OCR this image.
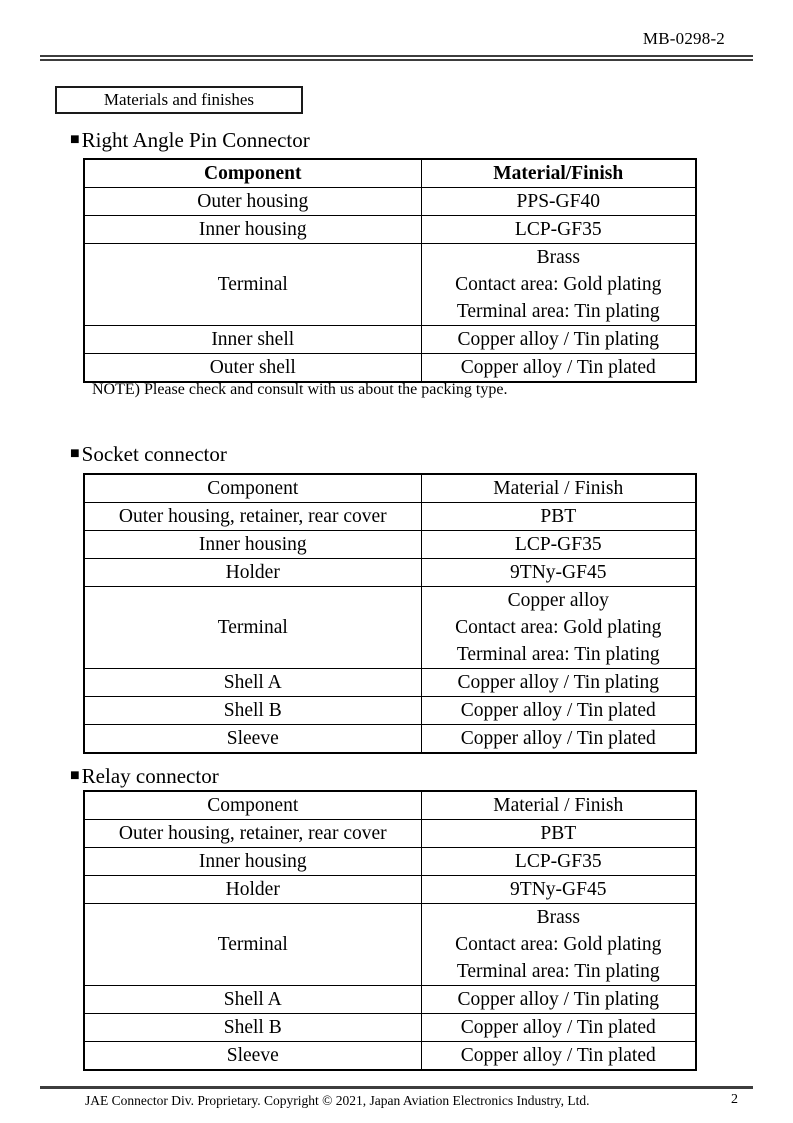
MB-0298-2
Materials and finishes
■ Right Angle Pin Connector
Component	Material/Finish
Outer housing	PPS-GF40

Inner housing	LCP-GF35

Terminal	Brass
Contact area: Gold plating
Terminal area: Tin plating

Inner shell	Copper alloy / Tin plating

Outer shell	Copper alloy / Tin plated
NOTE) Please check and consult with us about the packing type.
■ Socket connector
Component	Material / Finish
Outer housing, retainer, rear cover	PBT

Inner housing	LCP-GF35

Holder	9TNy-GF45

Terminal	Copper alloy
Contact area: Gold plating
Terminal area: Tin plating

Shell A	Copper alloy / Tin plating

Shell B	Copper alloy / Tin plated

Sleeve	Copper alloy / Tin plated
■ Relay connector
Component	Material / Finish
Outer housing, retainer, rear cover	PBT

Inner housing	LCP-GF35

Holder	9TNy-GF45

Terminal	Brass
Contact area: Gold plating
Terminal area: Tin plating

Shell A	Copper alloy / Tin plating

Shell B	Copper alloy / Tin plated

Sleeve	Copper alloy / Tin plated
JAE Connector Div. Proprietary. Copyright © 2021, Japan Aviation Electronics Industry, Ltd.	2
